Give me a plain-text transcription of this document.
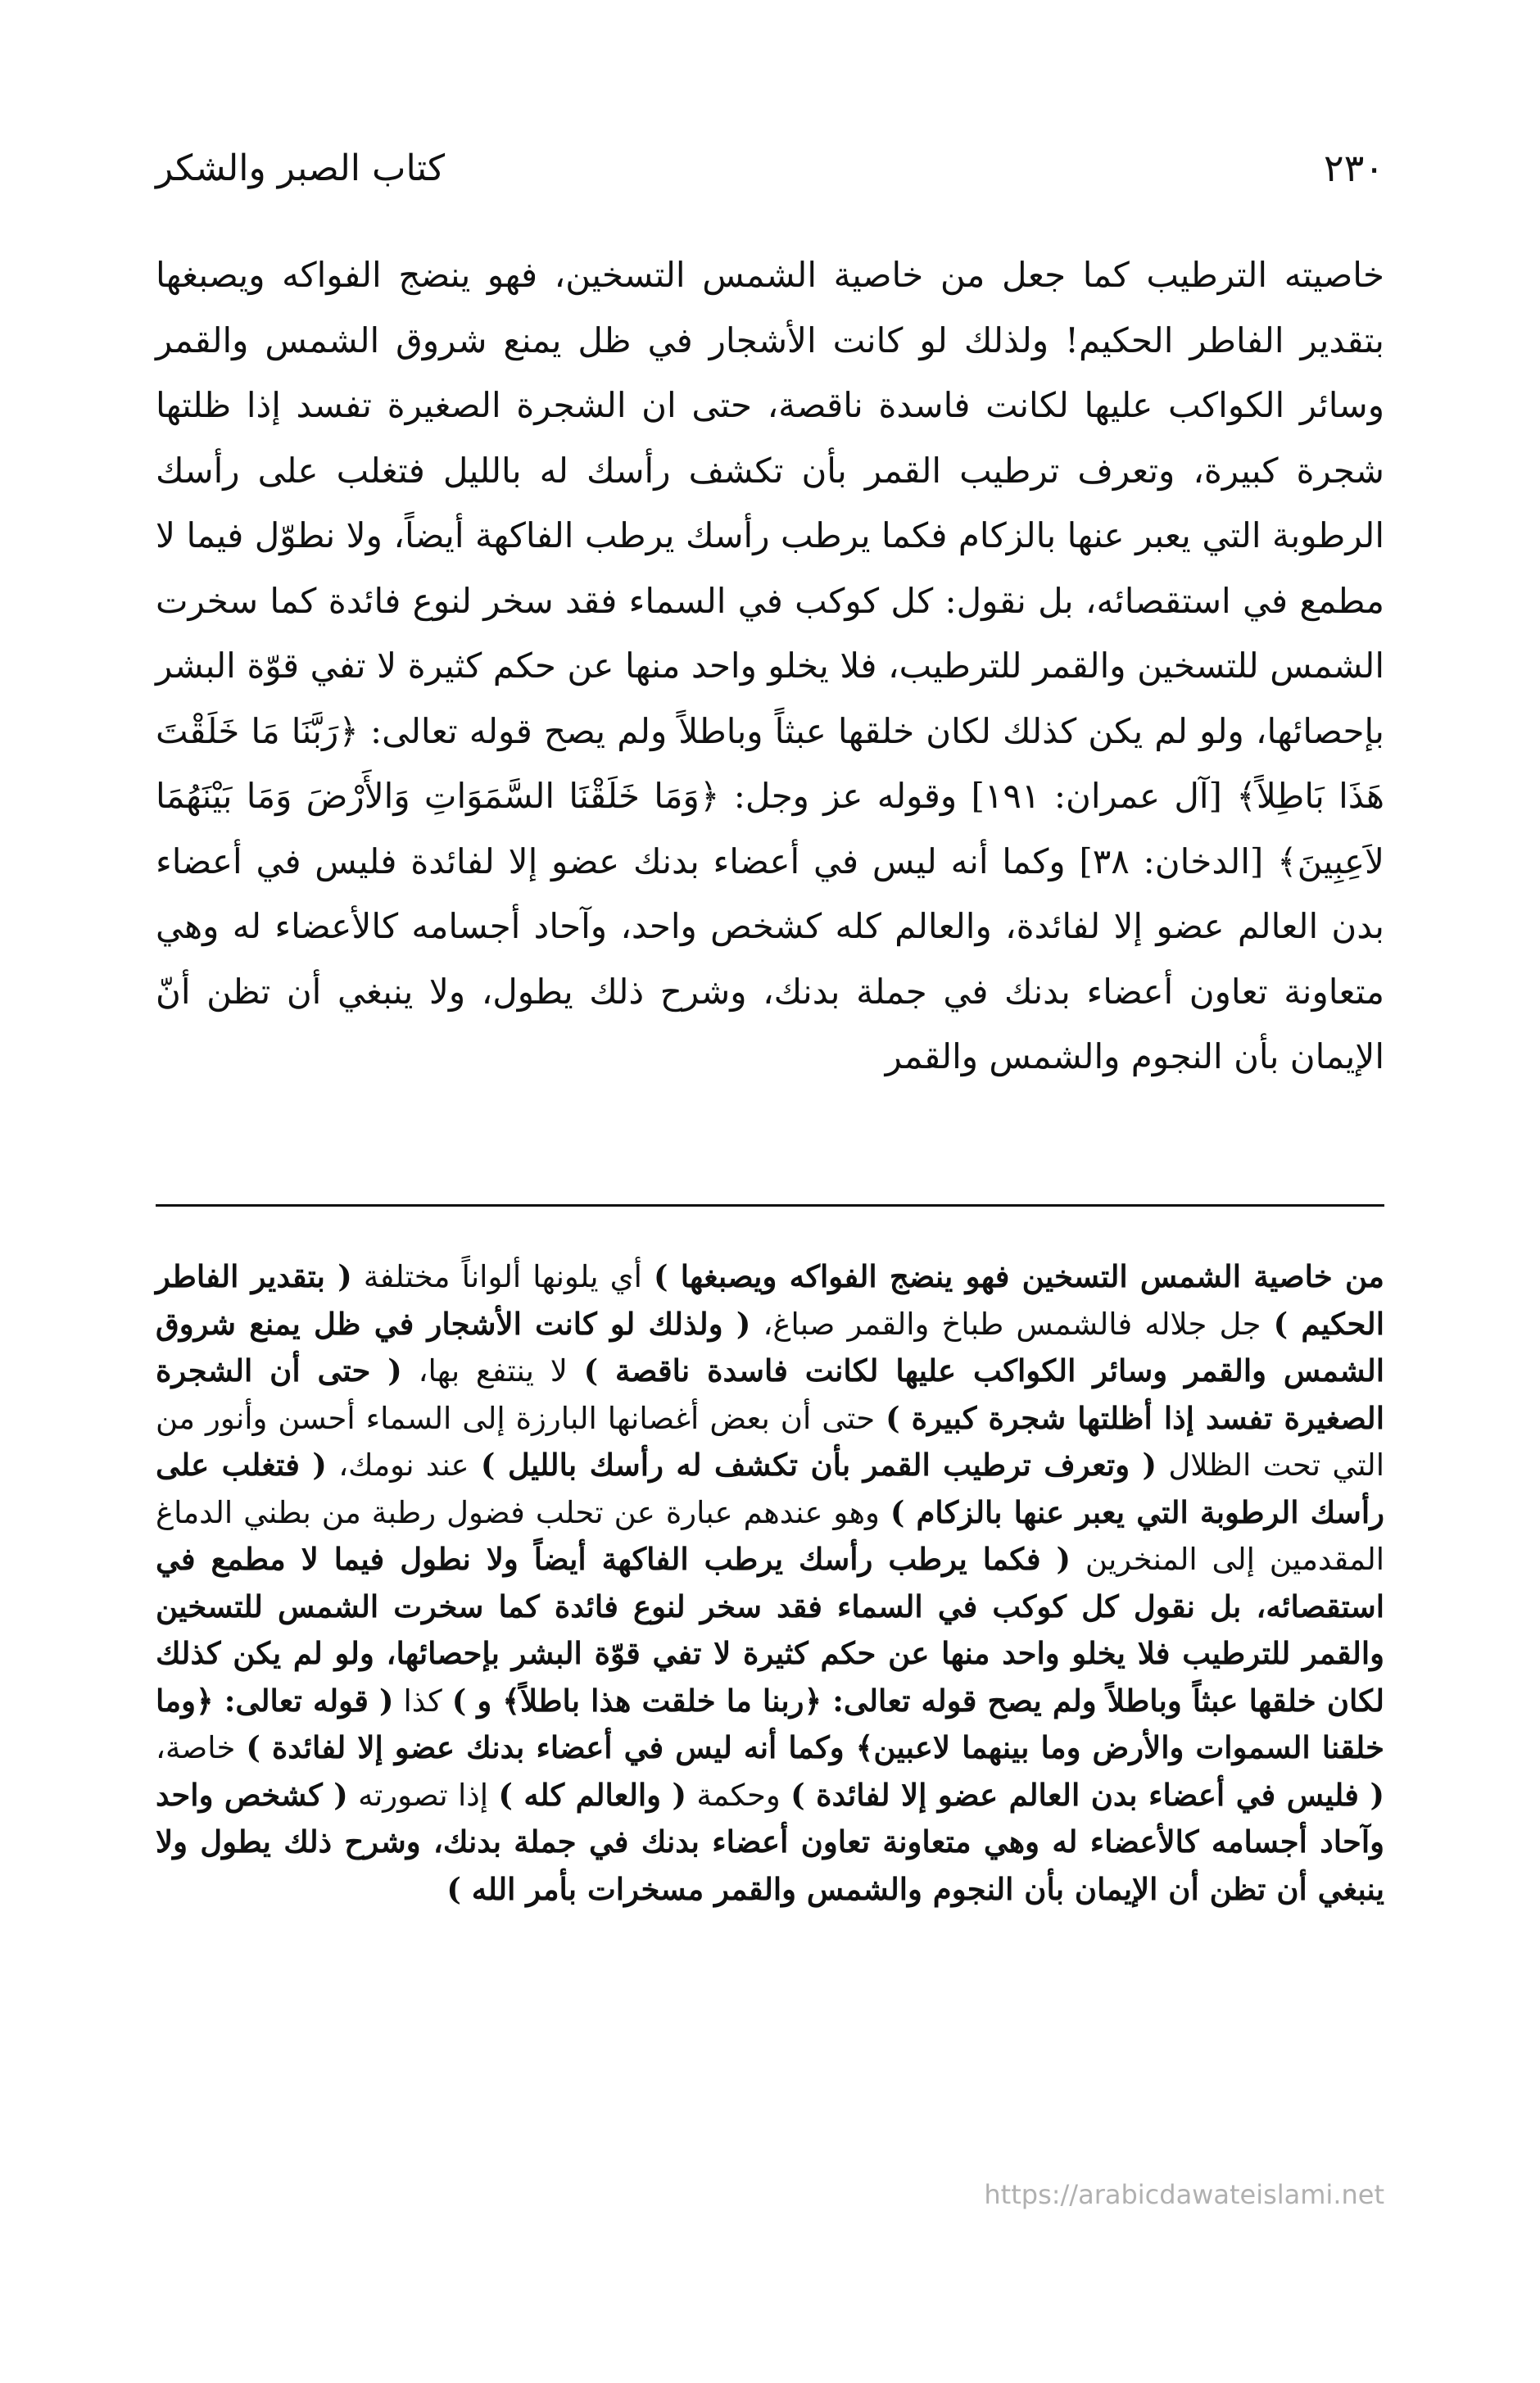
٢٣٠
كتاب الصبر والشكر

خاصيته الترطيب كما جعل من خاصية الشمس التسخين، فهو ينضج الفواكه ويصبغها بتقدير الفاطر الحكيم! ولذلك لو كانت الأشجار في ظل يمنع شروق الشمس والقمر وسائر الكواكب عليها لكانت فاسدة ناقصة، حتى ان الشجرة الصغيرة تفسد إذا ظلتها شجرة كبيرة، وتعرف ترطيب القمر بأن تكشف رأسك له بالليل فتغلب على رأسك الرطوبة التي يعبر عنها بالزكام فكما يرطب رأسك يرطب الفاكهة أيضاً، ولا نطوّل فيما لا مطمع في استقصائه، بل نقول: كل كوكب في السماء فقد سخر لنوع فائدة كما سخرت الشمس للتسخين والقمر للترطيب، فلا يخلو واحد منها عن حكم كثيرة لا تفي قوّة البشر بإحصائها، ولو لم يكن كذلك لكان خلقها عبثاً وباطلاً ولم يصح قوله تعالى: ﴿رَبَّنَا مَا خَلَقْتَ هَذَا بَاطِلاً﴾ [آل عمران: ١٩١] وقوله عز وجل: ﴿وَمَا خَلَقْنَا السَّمَوَاتِ وَالأَرْضَ وَمَا بَيْنَهُمَا لاَعِبِينَ﴾ [الدخان: ٣٨] وكما أنه ليس في أعضاء بدنك عضو إلا لفائدة فليس في أعضاء بدن العالم عضو إلا لفائدة، والعالم كله كشخص واحد، وآحاد أجسامه كالأعضاء له وهي متعاونة تعاون أعضاء بدنك في جملة بدنك، وشرح ذلك يطول، ولا ينبغي أن تظن أنّ الإيمان بأن النجوم والشمس والقمر

من خاصية الشمس التسخين فهو ينضج الفواكه ويصبغها ) أي يلونها ألواناً مختلفة ( بتقدير الفاطر الحكيم ) جل جلاله فالشمس طباخ والقمر صباغ، ( ولذلك لو كانت الأشجار في ظل يمنع شروق الشمس والقمر وسائر الكواكب عليها لكانت فاسدة ناقصة ) لا ينتفع بها، ( حتى أن الشجرة الصغيرة تفسد إذا أظلتها شجرة كبيرة ) حتى أن بعض أغصانها البارزة إلى السماء أحسن وأنور من التي تحت الظلال ( وتعرف ترطيب القمر بأن تكشف له رأسك بالليل ) عند نومك، ( فتغلب على رأسك الرطوبة التي يعبر عنها بالزكام ) وهو عندهم عبارة عن تحلب فضول رطبة من بطني الدماغ المقدمين إلى المنخرين ( فكما يرطب رأسك يرطب الفاكهة أيضاً ولا نطول فيما لا مطمع في استقصائه، بل نقول كل كوكب في السماء فقد سخر لنوع فائدة كما سخرت الشمس للتسخين والقمر للترطيب فلا يخلو واحد منها عن حكم كثيرة لا تفي قوّة البشر بإحصائها، ولو لم يكن كذلك لكان خلقها عبثاً وباطلاً ولم يصح قوله تعالى: ﴿ربنا ما خلقت هذا باطلاً﴾ و ) كذا ( قوله تعالى: ﴿وما خلقنا السموات والأرض وما بينهما لاعبين﴾ وكما أنه ليس في أعضاء بدنك عضو إلا لفائدة ) خاصة، ( فليس في أعضاء بدن العالم عضو إلا لفائدة ) وحكمة ( والعالم كله ) إذا تصورته ( كشخص واحد وآحاد أجسامه كالأعضاء له وهي متعاونة تعاون أعضاء بدنك في جملة بدنك، وشرح ذلك يطول ولا ينبغي أن تظن أن الإيمان بأن النجوم والشمس والقمر مسخرات بأمر الله )

https://arabicdawateislami.net
